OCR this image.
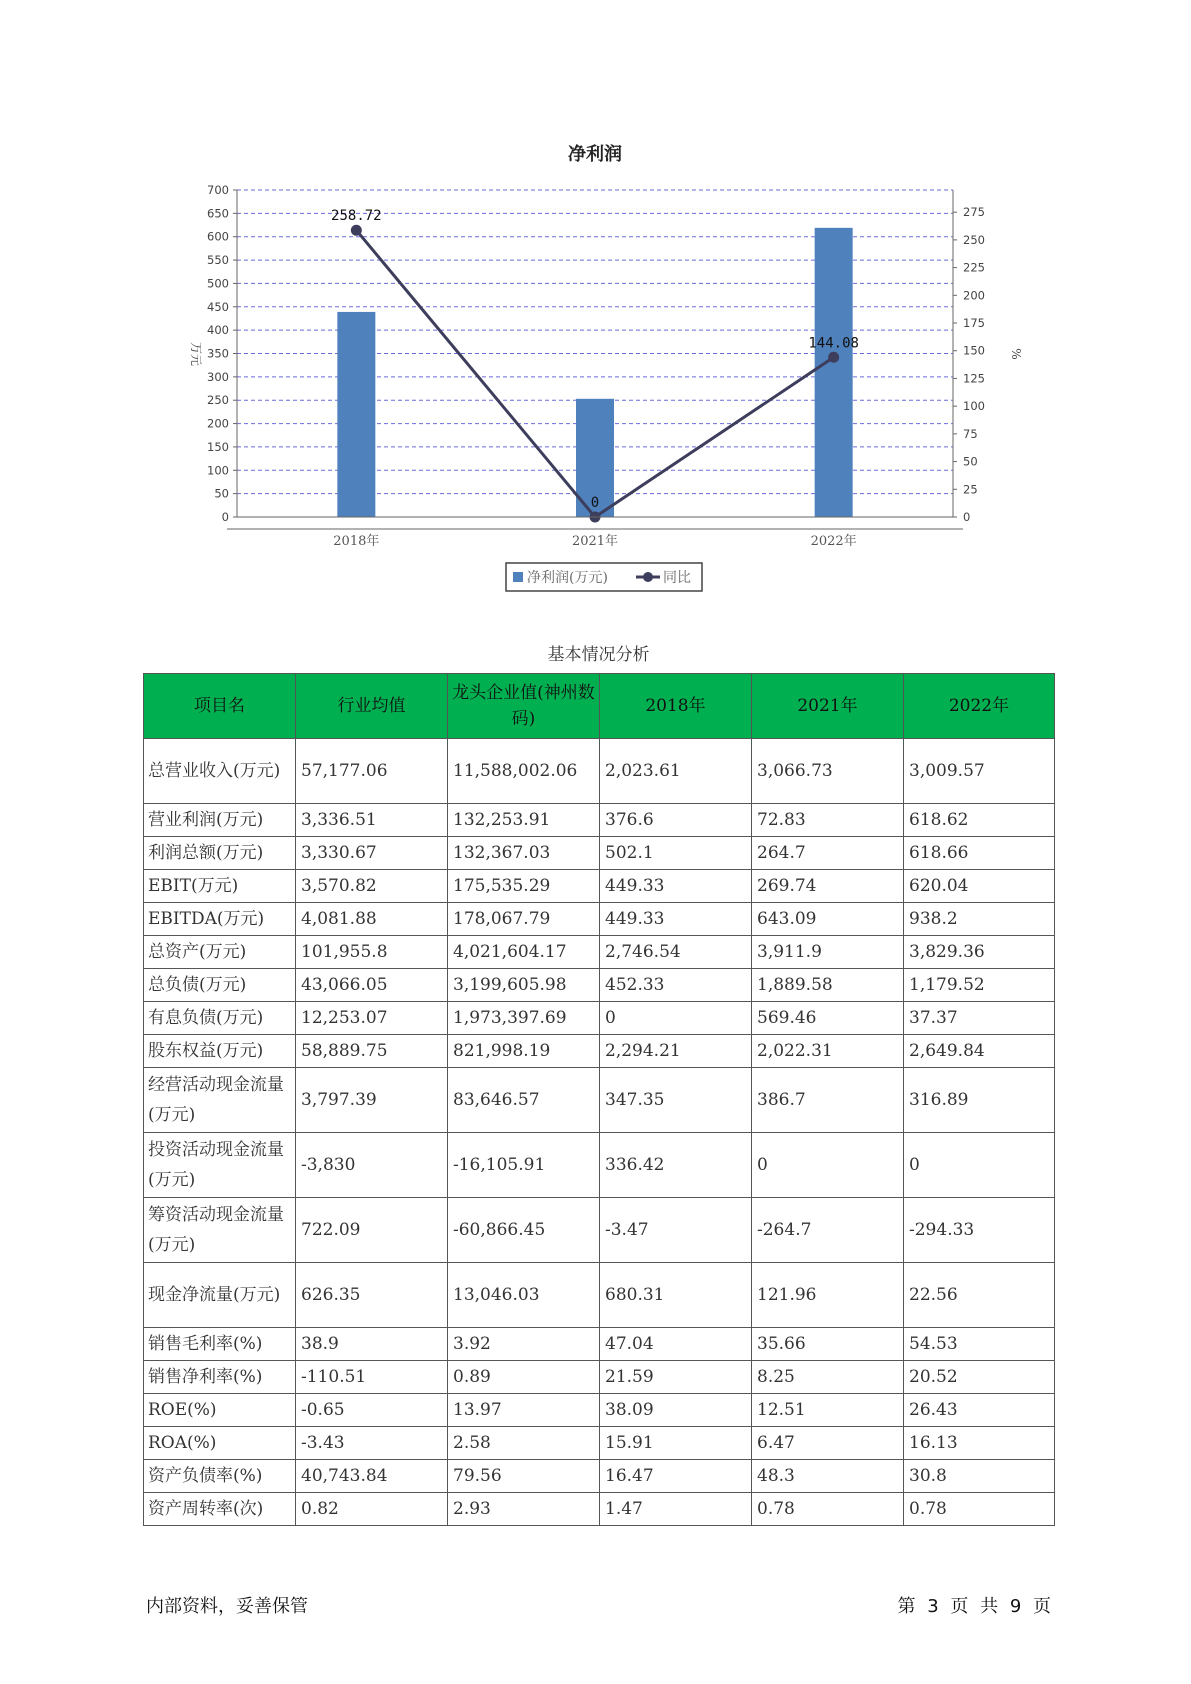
净利润
258.72
0
144.08
0
50
100
150
200
250
300
350
400
450
500
550
600
650
700
0
25
50
75
100
125
150
175
200
225
250
275
万元	%
2018年	2021年	2022年
净利润(万元)	同比
基本情况分析
项目名	行业均值	龙头企业值(神州数码)	2018年	2021年	2022年
总营业收入(万元)	57,177.06	11,588,002.06	2,023.61	3,066.73	3,009.57
营业利润(万元)	3,336.51	132,253.91	376.6	72.83	618.62
利润总额(万元)	3,330.67	132,367.03	502.1	264.7	618.66
EBIT(万元)	3,570.82	175,535.29	449.33	269.74	620.04
EBITDA(万元)	4,081.88	178,067.79	449.33	643.09	938.2
总资产(万元)	101,955.8	4,021,604.17	2,746.54	3,911.9	3,829.36
总负债(万元)	43,066.05	3,199,605.98	452.33	1,889.58	1,179.52
有息负债(万元)	12,253.07	1,973,397.69	0	569.46	37.37
股东权益(万元)	58,889.75	821,998.19	2,294.21	2,022.31	2,649.84
经营活动现金流量(万元)	3,797.39	83,646.57	347.35	386.7	316.89
投资活动现金流量(万元)	-3,830	-16,105.91	336.42	0	0
筹资活动现金流量(万元)	722.09	-60,866.45	-3.47	-264.7	-294.33
现金净流量(万元)	626.35	13,046.03	680.31	121.96	22.56
销售毛利率(%)	38.9	3.92	47.04	35.66	54.53
销售净利率(%)	-110.51	0.89	21.59	8.25	20.52
ROE(%)	-0.65	13.97	38.09	12.51	26.43
ROA(%)	-3.43	2.58	15.91	6.47	16.13
资产负债率(%)	40,743.84	79.56	16.47	48.3	30.8
资产周转率(次)	0.82	2.93	1.47	0.78	0.78
内部资料，妥善保管	第 3 页 共 9 页
